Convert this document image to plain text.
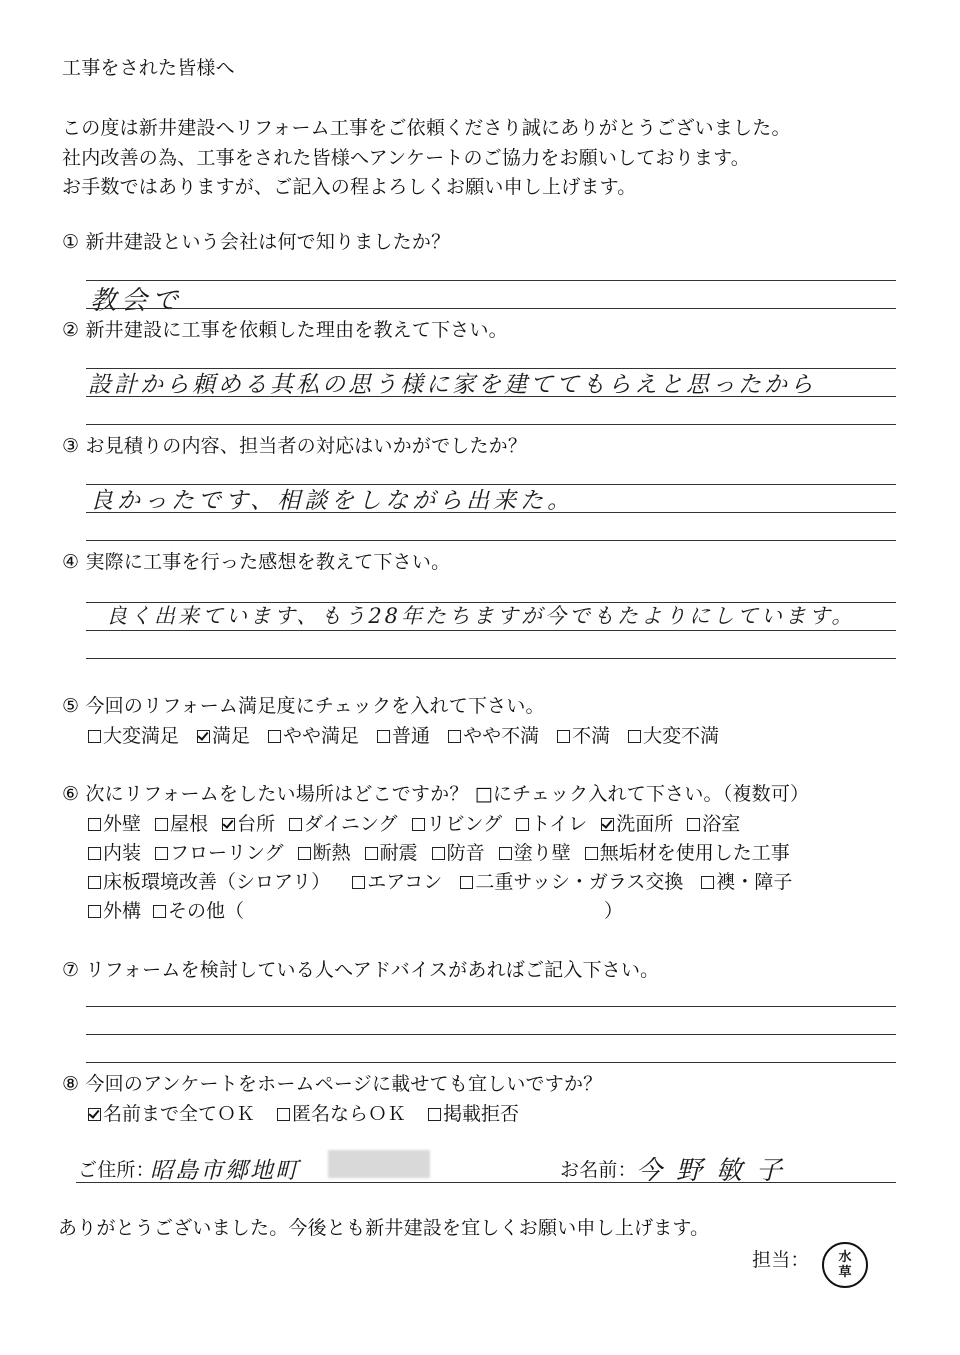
工事をされた皆様へ
この度は新井建設へリフォーム工事をご依頼くださり誠にありがとうございました。
社内改善の為、工事をされた皆様へアンケートのご協力をお願いしております。
お手数ではありますが、ご記入の程よろしくお願い申し上げます。
① 新井建設という会社は何で知りましたか？
教会で
② 新井建設に工事を依頼した理由を教えて下さい。
設計から頼める其私の思う様に家を建ててもらえと思ったから
③ お見積りの内容、担当者の対応はいかがでしたか？
良かったです、相談をしながら出来た。
④ 実際に工事を行った感想を教えて下さい。
良く出来ています、もう28年たちますが今でもたよりにしています。
⑤ 今回のリフォーム満足度にチェックを入れて下さい。
大変満足 満足 やや満足 普通 やや不満 不満 大変不満
⑥ 次にリフォームをしたい場所はどこですか？ □にチェック入れて下さい。（複数可）
外壁 屋根 台所 ダイニング リビング トイレ 洗面所 浴室
内装 フローリング 断熱 耐震 防音 塗り壁 無垢材を使用した工事
床板環境改善（シロアリ） エアコン 二重サッシ・ガラス交換 襖・障子
外構 その他（	）
⑦ リフォームを検討している人へアドバイスがあればご記入下さい。
⑧ 今回のアンケートをホームページに載せても宜しいですか？
名前まで全てＯＫ 匿名ならＯＫ 掲載拒否
ご住所：
昭島市郷地町	お名前： 今野敏子
ありがとうございました。今後とも新井建設を宜しくお願い申し上げます。
担当： 水
草
